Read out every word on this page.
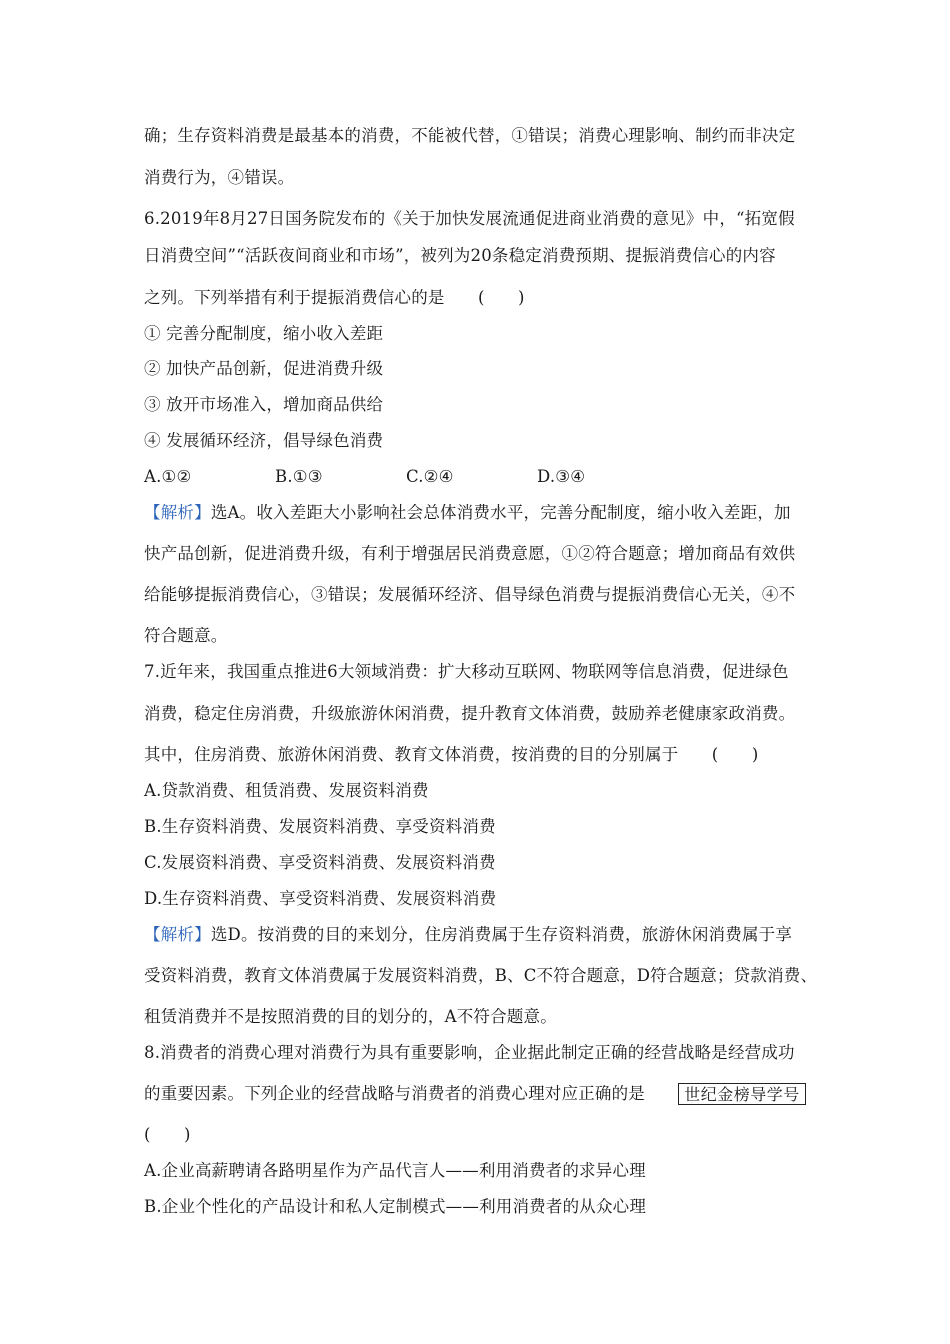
确；生存资料消费是最基本的消费，不能被代替，①错误；消费心理影响、制约而非决定
消费行为，④错误。
6.2019年8月27日国务院发布的《关于加快发展流通促进商业消费的意见》中，“拓宽假
日消费空间”“活跃夜间商业和市场”，被列为20条稳定消费预期、提振消费信心的内容
之列。下列举措有利于提振消费信心的是　　(　　)
① 完善分配制度，缩小收入差距
② 加快产品创新，促进消费升级
③ 放开市场准入，增加商品供给
④ 发展循环经济，倡导绿色消费
A.①②	B.①③	C.②④	D.③④
【解析】选A。收入差距大小影响社会总体消费水平，完善分配制度，缩小收入差距，加
快产品创新，促进消费升级，有利于增强居民消费意愿，①②符合题意；增加商品有效供
给能够提振消费信心，③错误；发展循环经济、倡导绿色消费与提振消费信心无关，④不
符合题意。
7.近年来，我国重点推进6大领域消费：扩大移动互联网、物联网等信息消费，促进绿色
消费，稳定住房消费，升级旅游休闲消费，提升教育文体消费，鼓励养老健康家政消费。
其中，住房消费、旅游休闲消费、教育文体消费，按消费的目的分别属于　　(　　)
A.贷款消费、租赁消费、发展资料消费
B.生存资料消费、发展资料消费、享受资料消费
C.发展资料消费、享受资料消费、发展资料消费
D.生存资料消费、享受资料消费、发展资料消费
【解析】选D。按消费的目的来划分，住房消费属于生存资料消费，旅游休闲消费属于享
受资料消费，教育文体消费属于发展资料消费，B、C不符合题意，D符合题意；贷款消费、
租赁消费并不是按照消费的目的划分的，A不符合题意。
8.消费者的消费心理对消费行为具有重要影响，企业据此制定正确的经营战略是经营成功
的重要因素。下列企业的经营战略与消费者的消费心理对应正确的是	世纪金榜导学号
(　　)
A.企业高薪聘请各路明星作为产品代言人——利用消费者的求异心理
B.企业个性化的产品设计和私人定制模式——利用消费者的从众心理
